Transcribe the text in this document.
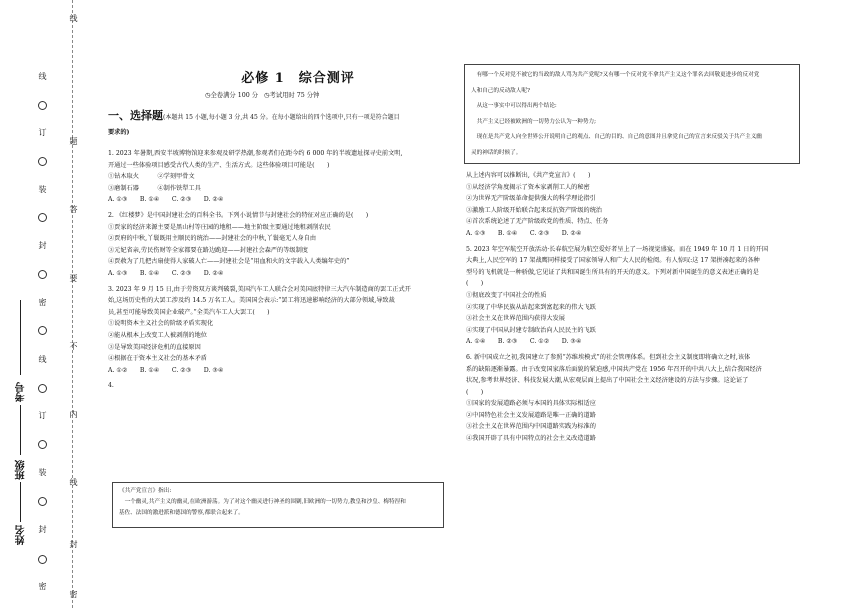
线
订
装
封
密
线
订
装
封
密
线
题
答
要
不
内
线
封
密
考号
班级
姓名
必修 1　综合测评
◷全卷满分 100 分 ◷考试用时 75 分钟
一、选择题(本题共 15 小题,每小题 3 分,共 45 分。在每小题给出的四个选项中,只有一项是符合题目

要求的)

1. 2023 年暑期,西安半坡博物馆迎来参观及研学热潮,参观者们在距今约 6 000 年的半坡遗址探寻史前文明,

开通过一些体验项目感受古代人类的生产、生活方式。这些体验项目可能是(　　)

①钻木取火　　　②学刻甲骨文

③磨制石器　　　④制作铁犁工具

A. ①③　　B. ①④　　C. ②③　　D. ②④

2. 《红楼梦》是中国封建社会的百科全书。下列小说情节与封建社会的特征对应正确的是(　　)

①贾家的经济来源主要是黑山村等庄园的地租——地主阶级主要通过地租剥削农民

②贾府的中秋,丫鬟既用主顺民的统治——封建社会的中秋,丫鬟毫无人身自由

③元妃省亲,劳民伤财等全家都要在路边跪迎——封建社会森严的等级制度

④贾赦为了几把古扇使得人家破人亡——封建社会是“用血和火的文字载入人类编年史的”

A. ①③　　B. ①④　　C. ②③　　D. ②④

3. 2023 年 9 月 15 日,由于劳资双方谈判破裂,美国汽车工人联合会对美国底特律三大汽车制造商的罢工正式开

始,这场历史性的大罢工涉及约 14.5 万名工人。美国国会表示:“罢工将迅速影响经济的大部分领域,导致裁

员,甚至可能导致美国企业破产。”全美汽车工人大罢工(　　)

①说明资本主义社会的阶级矛盾实现化

②能从根本上改变工人被剥削的地位

③是导致美国经济危机的直接原因

④根据在于资本主义社会的基本矛盾

A. ①②　　B. ①④　　C. ②③　　D. ③④

4.

《共产党宣言》指出:

　一个幽灵,共产主义的幽灵,在欧洲游荡。为了对这个幽灵进行神圣的围剿,旧欧洲的一切势力,教皇和沙皇、梅特涅和

基佐、法国的激进派和德国的警察,都联合起来了。

　有哪一个反对党不被它的当政的敌人骂为共产党呢?又有哪一个反对党不拿共产主义这个罪名去回敬更进步的反对党

人和自己的反动敌人呢?

　从这一事实中可以得出两个结论:

　共产主义已经被欧洲的一切势力公认为一种势力;

　现在是共产党人向全世界公开说明自己的观点、自己的目的、自己的意图并且拿党自己的宣言来反驳关于共产主义幽

灵的神话的时候了。

从上述内容可以推断出,《共产党宣言》(　　)

①从经济学角度揭示了资本家剥削工人的秘密

②为世界无产阶级革命提供强大的科学理论指引

③激励工人阶级开始联合起来反抗资产阶级的统治

④首次系统论述了无产阶级政党的性质、特点、任务

A. ①③　　B. ①④　　C. ②③　　D. ②④

5. 2023 年空军航空开放活动·长春航空展为航空爱好者呈上了一场视觉盛宴。而在 1949 年 10 月 1 日的开国

大典上,人民空军的 17 架战鹰同样接受了国家领导人和广大人民的检阅。有人惊叹:这 17 架拼凑起来的各种

型号的飞机就是一种骄傲,它见证了共和国诞生所具有的开天的意义。下列对新中国诞生的意义表述正确的是

(　　)

①彻底改变了中国社会的性质

②实现了中华民族从站起来到富起来的伟大飞跃

③社会主义在世界范围内获得大发展

④实现了中国从封建专制政治向人民民主的飞跃

A. ①④　　B. ②③　　C. ①②　　D. ③④

6. 新中国成立之初,我国建立了参照“苏维埃模式”的社会管理体系。但到社会主义制度即将确立之时,该体

系的缺陷逐渐暴露。由于改变国家落后面貌的紧迫感,中国共产党在 1956 年召开的中共八大上,结合我国经济

状况,参考世界经济、科技发展大潮,从宏观层面上提出了中国社会主义经济建设的方法与步骤。这论证了

(　　)

①国家的发展道路必须与本国的具体实际相适应

②中国特色社会主义发展道路是唯一正确的道路

③社会主义在世界范围内中国道路实践为标准的

④我国开辟了具有中国特点的社会主义改造道路
